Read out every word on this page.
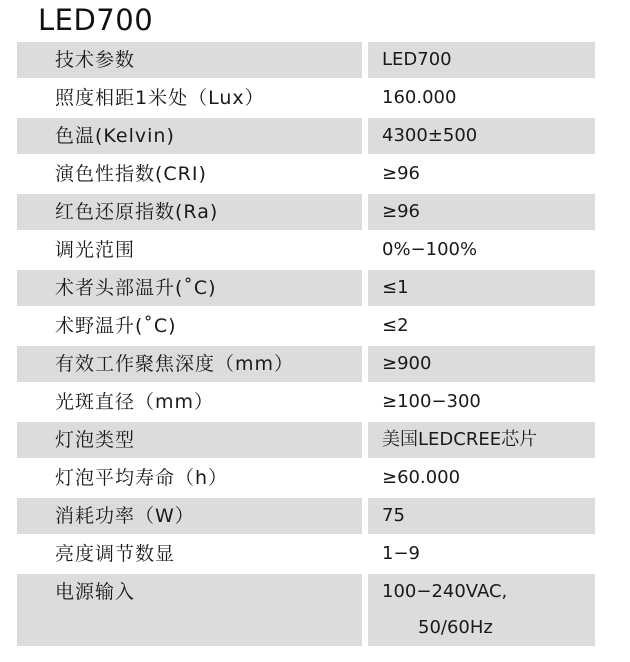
LED700
技术参数	LED700
照度相距1米处（Lux）	160.000
色温(Kelvin)	4300±500
演色性指数(CRI)	≥96
红色还原指数(Ra)	≥96
调光范围	0%−100%
术者头部温升(˚C)	≤1
术野温升(˚C)	≤2
有效工作聚焦深度（mm）	≥900
光斑直径（mm）	≥100−300
灯泡类型	美国LEDCREE芯片
灯泡平均寿命（h）	≥60.000
消耗功率（W）	75
亮度调节数显	1−9
电源输入	100−240VAC,
50/60Hz
